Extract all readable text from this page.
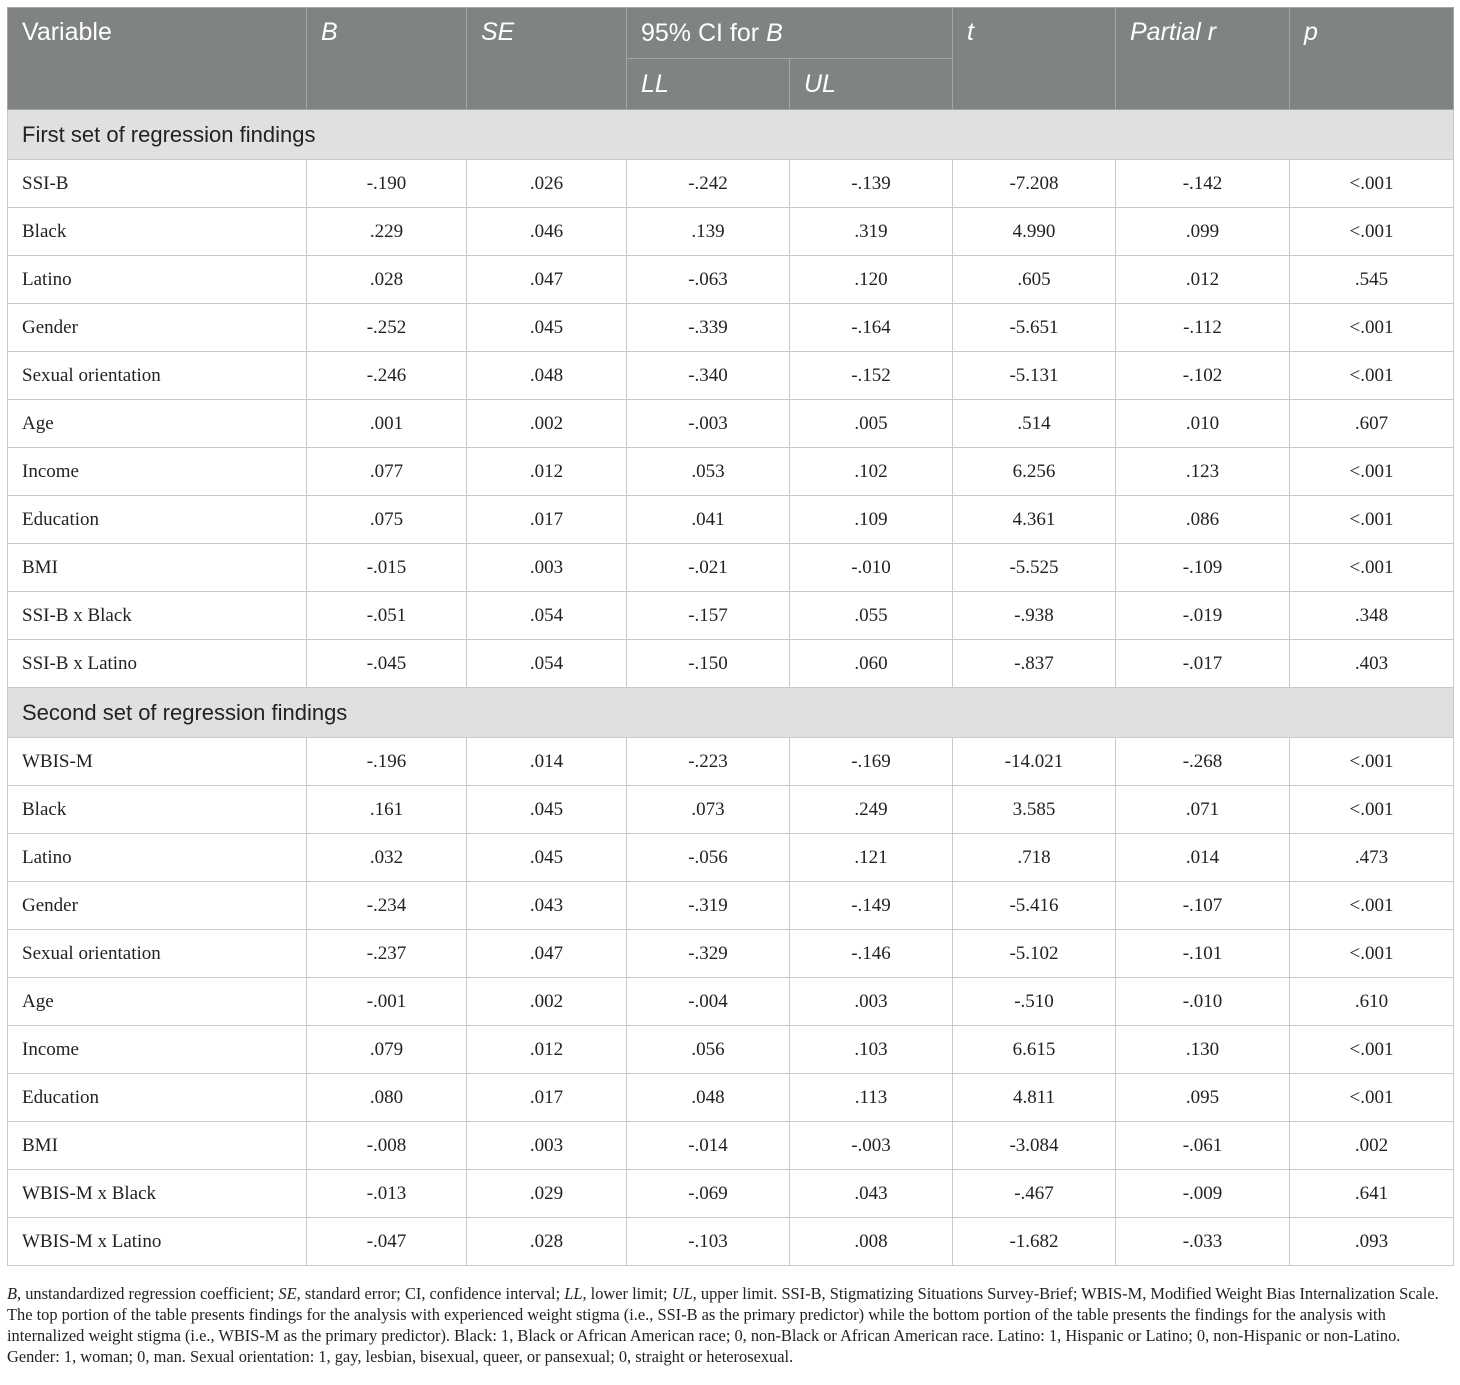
Variable	B	SE	95% CI for B		t	Partial r	p
			LL	UL			
First set of regression findings							
SSI-B	-.190	.026	-.242	-.139	-7.208	-.142	<.001
Black	.229	.046	.139	.319	4.990	.099	<.001
Latino	.028	.047	-.063	.120	.605	.012	.545
Gender	-.252	.045	-.339	-.164	-5.651	-.112	<.001
Sexual orientation	-.246	.048	-.340	-.152	-5.131	-.102	<.001
Age	.001	.002	-.003	.005	.514	.010	.607
Income	.077	.012	.053	.102	6.256	.123	<.001
Education	.075	.017	.041	.109	4.361	.086	<.001
BMI	-.015	.003	-.021	-.010	-5.525	-.109	<.001
SSI-B x Black	-.051	.054	-.157	.055	-.938	-.019	.348
SSI-B x Latino	-.045	.054	-.150	.060	-.837	-.017	.403
Second set of regression findings							
WBIS-M	-.196	.014	-.223	-.169	-14.021	-.268	<.001
Black	.161	.045	.073	.249	3.585	.071	<.001
Latino	.032	.045	-.056	.121	.718	.014	.473
Gender	-.234	.043	-.319	-.149	-5.416	-.107	<.001
Sexual orientation	-.237	.047	-.329	-.146	-5.102	-.101	<.001
Age	-.001	.002	-.004	.003	-.510	-.010	.610
Income	.079	.012	.056	.103	6.615	.130	<.001
Education	.080	.017	.048	.113	4.811	.095	<.001
BMI	-.008	.003	-.014	-.003	-3.084	-.061	.002
WBIS-M x Black	-.013	.029	-.069	.043	-.467	-.009	.641
WBIS-M x Latino	-.047	.028	-.103	.008	-1.682	-.033	.093
B, unstandardized regression coefficient; SE, standard error; CI, confidence interval; LL, lower limit; UL, upper limit. SSI-B, Stigmatizing Situations Survey-Brief; WBIS-M, Modified Weight Bias Internalization Scale. The top portion of the table presents findings for the analysis with experienced weight stigma (i.e., SSI-B as the primary predictor) while the bottom portion of the table presents the findings for the analysis with internalized weight stigma (i.e., WBIS-M as the primary predictor). Black: 1, Black or African American race; 0, non-Black or African American race. Latino: 1, Hispanic or Latino; 0, non-Hispanic or non-Latino. Gender: 1, woman; 0, man. Sexual orientation: 1, gay, lesbian, bisexual, queer, or pansexual; 0, straight or heterosexual.
